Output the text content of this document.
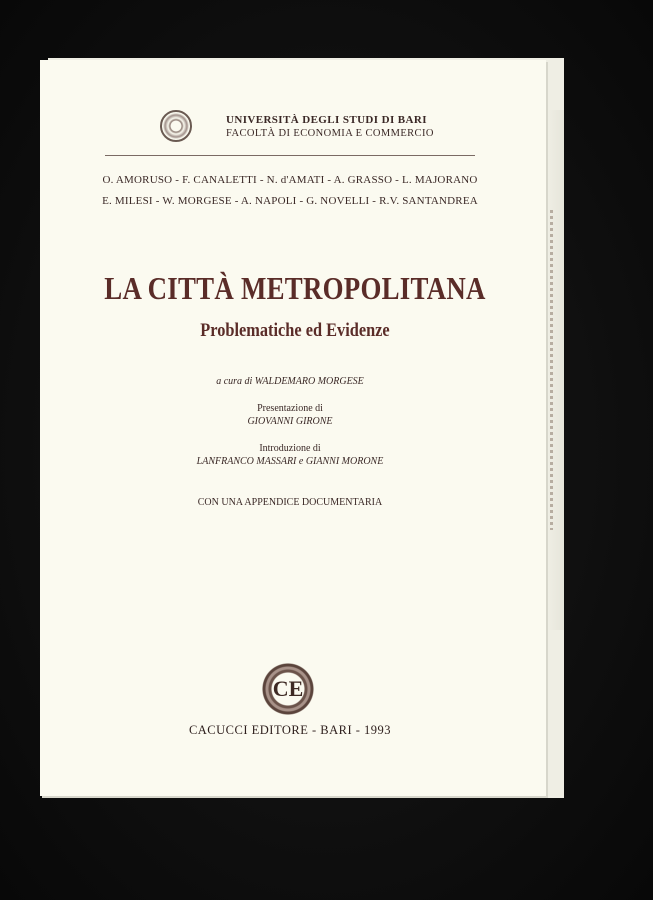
UNIVERSITÀ DEGLI STUDI DI BARI
FACOLTÀ DI ECONOMIA E COMMERCIO
O. AMORUSO - F. CANALETTI - N. d'AMATI - A. GRASSO - L. MAJORANO
E. MILESI - W. MORGESE - A. NAPOLI - G. NOVELLI - R.V. SANTANDREA
LA CITTÀ METROPOLITANA
Problematiche ed Evidenze
a cura di WALDEMARO MORGESE
Presentazione di
GIOVANNI GIRONE
Introduzione di
LANFRANCO MASSARI e GIANNI MORONE
CON UNA APPENDICE DOCUMENTARIA
CE
CACUCCI EDITORE - BARI - 1993
